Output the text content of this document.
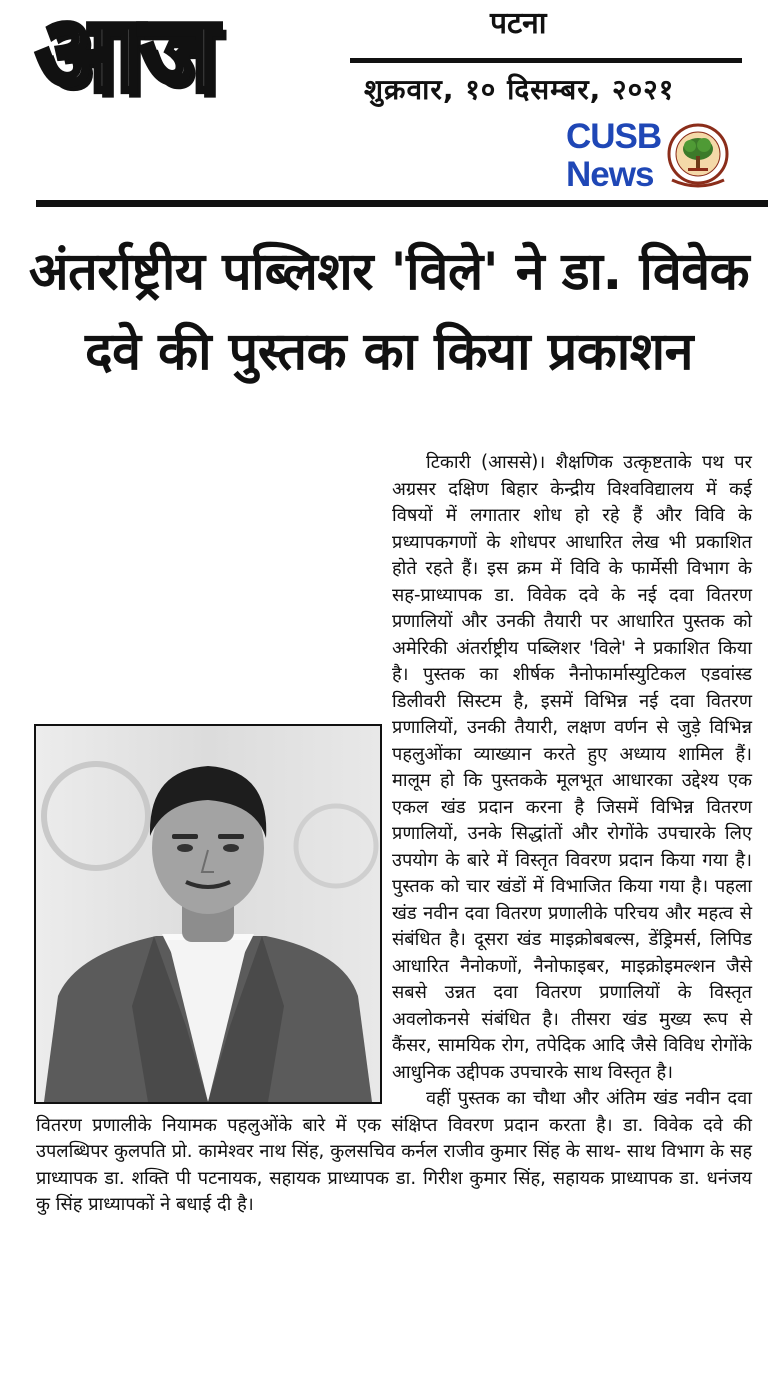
आज	पटना
शुक्रवार, १० दिसम्बर, २०२१
CUSB
News
अंतर्राष्ट्रीय पब्लिशर 'विले' ने डा. विवेक दवे की पुस्तक का किया प्रकाशन

टिकारी (आससे)। शैक्षणिक उत्कृष्टताके पथ पर अग्रसर दक्षिण बिहार केन्द्रीय विश्वविद्यालय में कई विषयों में लगातार शोध हो रहे हैं और विवि के प्रध्यापकगणों के शोधपर आधारित लेख भी प्रकाशित होते रहते हैं। इस क्रम में विवि के फार्मेसी विभाग के सह-प्राध्यापक डा. विवेक दवे के नई दवा वितरण प्रणालियों और उनकी तैयारी पर आधारित पुस्तक को अमेरिकी अंतर्राष्ट्रीय पब्लिशर 'विले' ने प्रकाशित किया है। पुस्तक का शीर्षक नैनोफार्मास्युटिकल एडवांस्ड डिलीवरी सिस्टम है, इसमें विभिन्न नई दवा वितरण प्रणालियों, उनकी तैयारी, लक्षण वर्णन से जुड़े विभिन्न पहलुओंका व्याख्यान करते हुए अध्याय शामिल हैं। मालूम हो कि पुस्तकके मूलभूत आधारका उद्देश्य एक एकल खंड प्रदान करना है जिसमें विभिन्न वितरण प्रणालियों, उनके सिद्धांतों और रोगोंके उपचारके लिए उपयोग के बारे में विस्तृत विवरण प्रदान किया गया है। पुस्तक को चार खंडों में विभाजित किया गया है। पहला खंड नवीन दवा वितरण प्रणालीके परिचय और महत्व से संबंधित है। दूसरा खंड माइक्रोबबल्स, डेंड्रिमर्स, लिपिड आधारित नैनोकणों, नैनोफाइबर, माइक्रोइमल्शन जैसे सबसे उन्नत दवा वितरण प्रणालियों के विस्तृत अवलोकनसे संबंधित है। तीसरा खंड मुख्य रूप से कैंसर, सामयिक रोग, तपेदिक आदि जैसे विविध रोगोंके आधुनिक उद्दीपक उपचारके साथ विस्तृत है।

वहीं पुस्तक का चौथा और अंतिम खंड नवीन दवा वितरण प्रणालीके नियामक पहलुओंके बारे में एक संक्षिप्त विवरण प्रदान करता है। डा. विवेक दवे की उपलब्धिपर कुलपति प्रो. कामेश्वर नाथ सिंह, कुलसचिव कर्नल राजीव कुमार सिंह के साथ- साथ विभाग के सह प्राध्यापक डा. शक्ति पी पटनायक, सहायक प्राध्यापक डा. गिरीश कुमार सिंह, सहायक प्राध्यापक डा. धनंजय कु सिंह प्राध्यापकों ने बधाई दी है।
